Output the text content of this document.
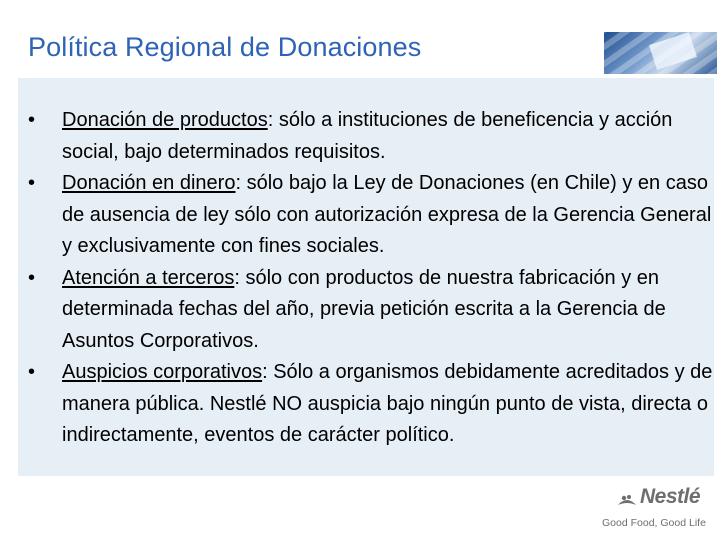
Política Regional de Donaciones
• Donación de productos: sólo a instituciones de beneficencia y acción social, bajo determinados requisitos.
• Donación en dinero: sólo bajo la Ley de Donaciones (en Chile) y en caso de ausencia de ley sólo con autorización expresa de la Gerencia General y exclusivamente con fines sociales.
• Atención a terceros: sólo con productos de nuestra fabricación y en determinada fechas del año, previa petición escrita a la Gerencia de Asuntos Corporativos.
• Auspicios corporativos: Sólo a organismos debidamente acreditados y de manera pública. Nestlé NO auspicia bajo ningún punto de vista, directa o indirectamente, eventos de carácter político.
Nestlé
Good Food, Good Life
